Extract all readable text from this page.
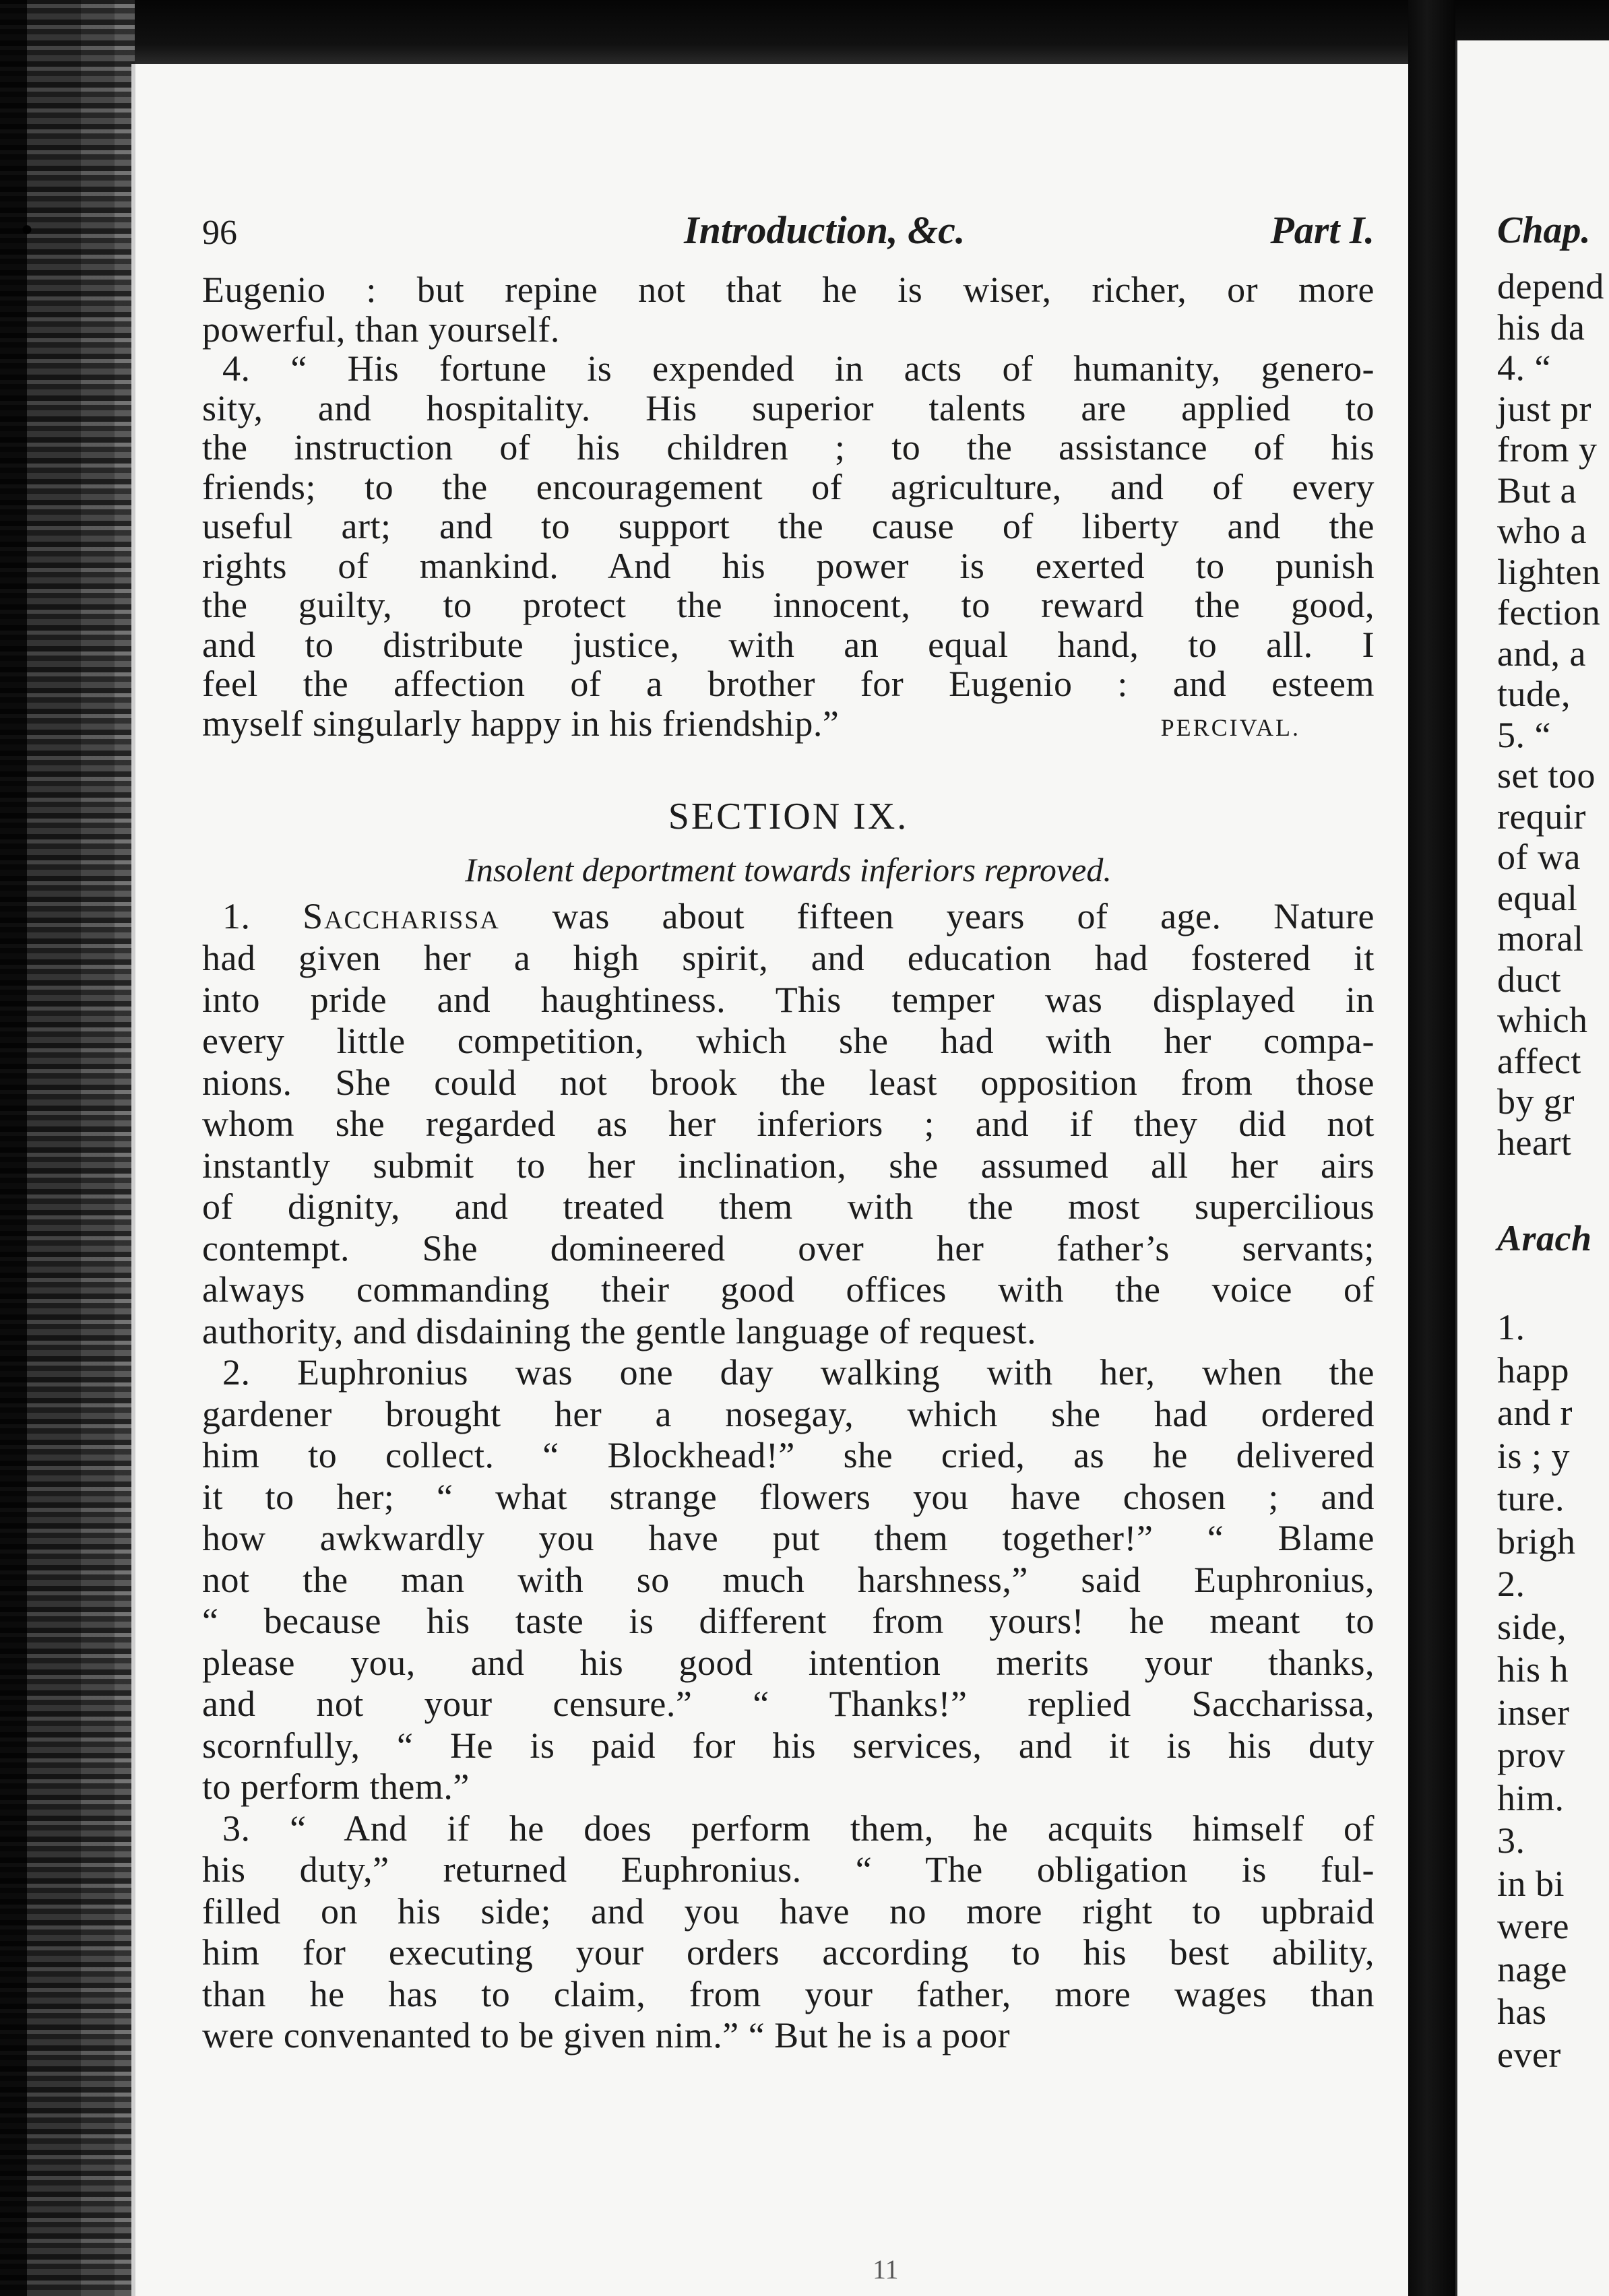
96	Introduction, &c.	Part I.
Eugenio : but repine not that he is wiser, richer, or more
powerful, than yourself.
4. “ His fortune is expended in acts of humanity, genero-
sity, and hospitality. His superior talents are applied to
the instruction of his children ; to the assistance of his
friends; to the encouragement of agriculture, and of every
useful art; and to support the cause of liberty and the
rights of mankind. And his power is exerted to punish
the guilty, to protect the innocent, to reward the good,
and to distribute justice, with an equal hand, to all. I
feel the affection of a brother for Eugenio : and esteem
myself singularly happy in his friendship.”	PERCIVAL.
SECTION IX.
Insolent deportment towards inferiors reproved.
1. Saccharissa was about fifteen years of age. Nature
had given her a high spirit, and education had fostered it
into pride and haughtiness. This temper was displayed in
every little competition, which she had with her compa-
nions. She could not brook the least opposition from those
whom she regarded as her inferiors ; and if they did not
instantly submit to her inclination, she assumed all her airs
of dignity, and treated them with the most supercilious
contempt. She domineered over her father’s servants;
always commanding their good offices with the voice of
authority, and disdaining the gentle language of request.
2. Euphronius was one day walking with her, when the
gardener brought her a nosegay, which she had ordered
him to collect. “ Blockhead!” she cried, as he delivered
it to her; “ what strange flowers you have chosen ; and
how awkwardly you have put them together!” “ Blame
not the man with so much harshness,” said Euphronius,
“ because his taste is different from yours! he meant to
please you, and his good intention merits your thanks,
and not your censure.” “ Thanks!” replied Saccharissa,
scornfully, “ He is paid for his services, and it is his duty
to perform them.”
3. “ And if he does perform them, he acquits himself of
his duty,” returned Euphronius. “ The obligation is ful-
filled on his side; and you have no more right to upbraid
him for executing your orders according to his best ability,
than he has to claim, from your father, more wages than
were convenanted to be given nim.” “ But he is a poor
Chap.
depend
his da
4. “
just pr
from y
But a
who a
lighten
fection
and, a
tude,
5. “
set too
requir
of wa
equal
moral
duct
which
affect
by gr
heart
Arach
1.
happ
and r
is ; y
ture.
brigh
2.
side,
his h
inser
prov
him.
3.
in bi
were
nage
has
ever
11
